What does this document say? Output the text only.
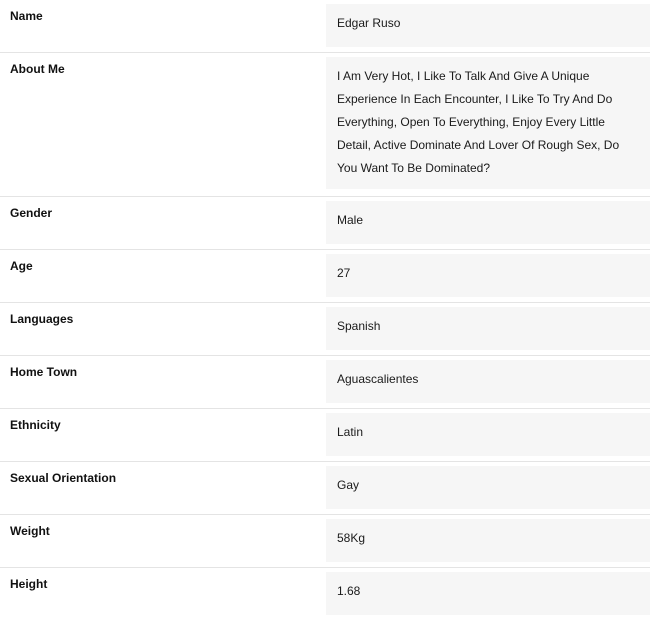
Name	Edgar Ruso

About Me	I Am Very Hot, I Like To Talk And Give A Unique Experience In Each Encounter, I Like To Try And Do Everything, Open To Everything, Enjoy Every Little Detail, Active Dominate And Lover Of Rough Sex, Do You Want To Be Dominated?

Gender	Male

Age	27

Languages	Spanish

Home Town	Aguascalientes

Ethnicity	Latin

Sexual Orientation	Gay

Weight	58Kg

Height	1.68
